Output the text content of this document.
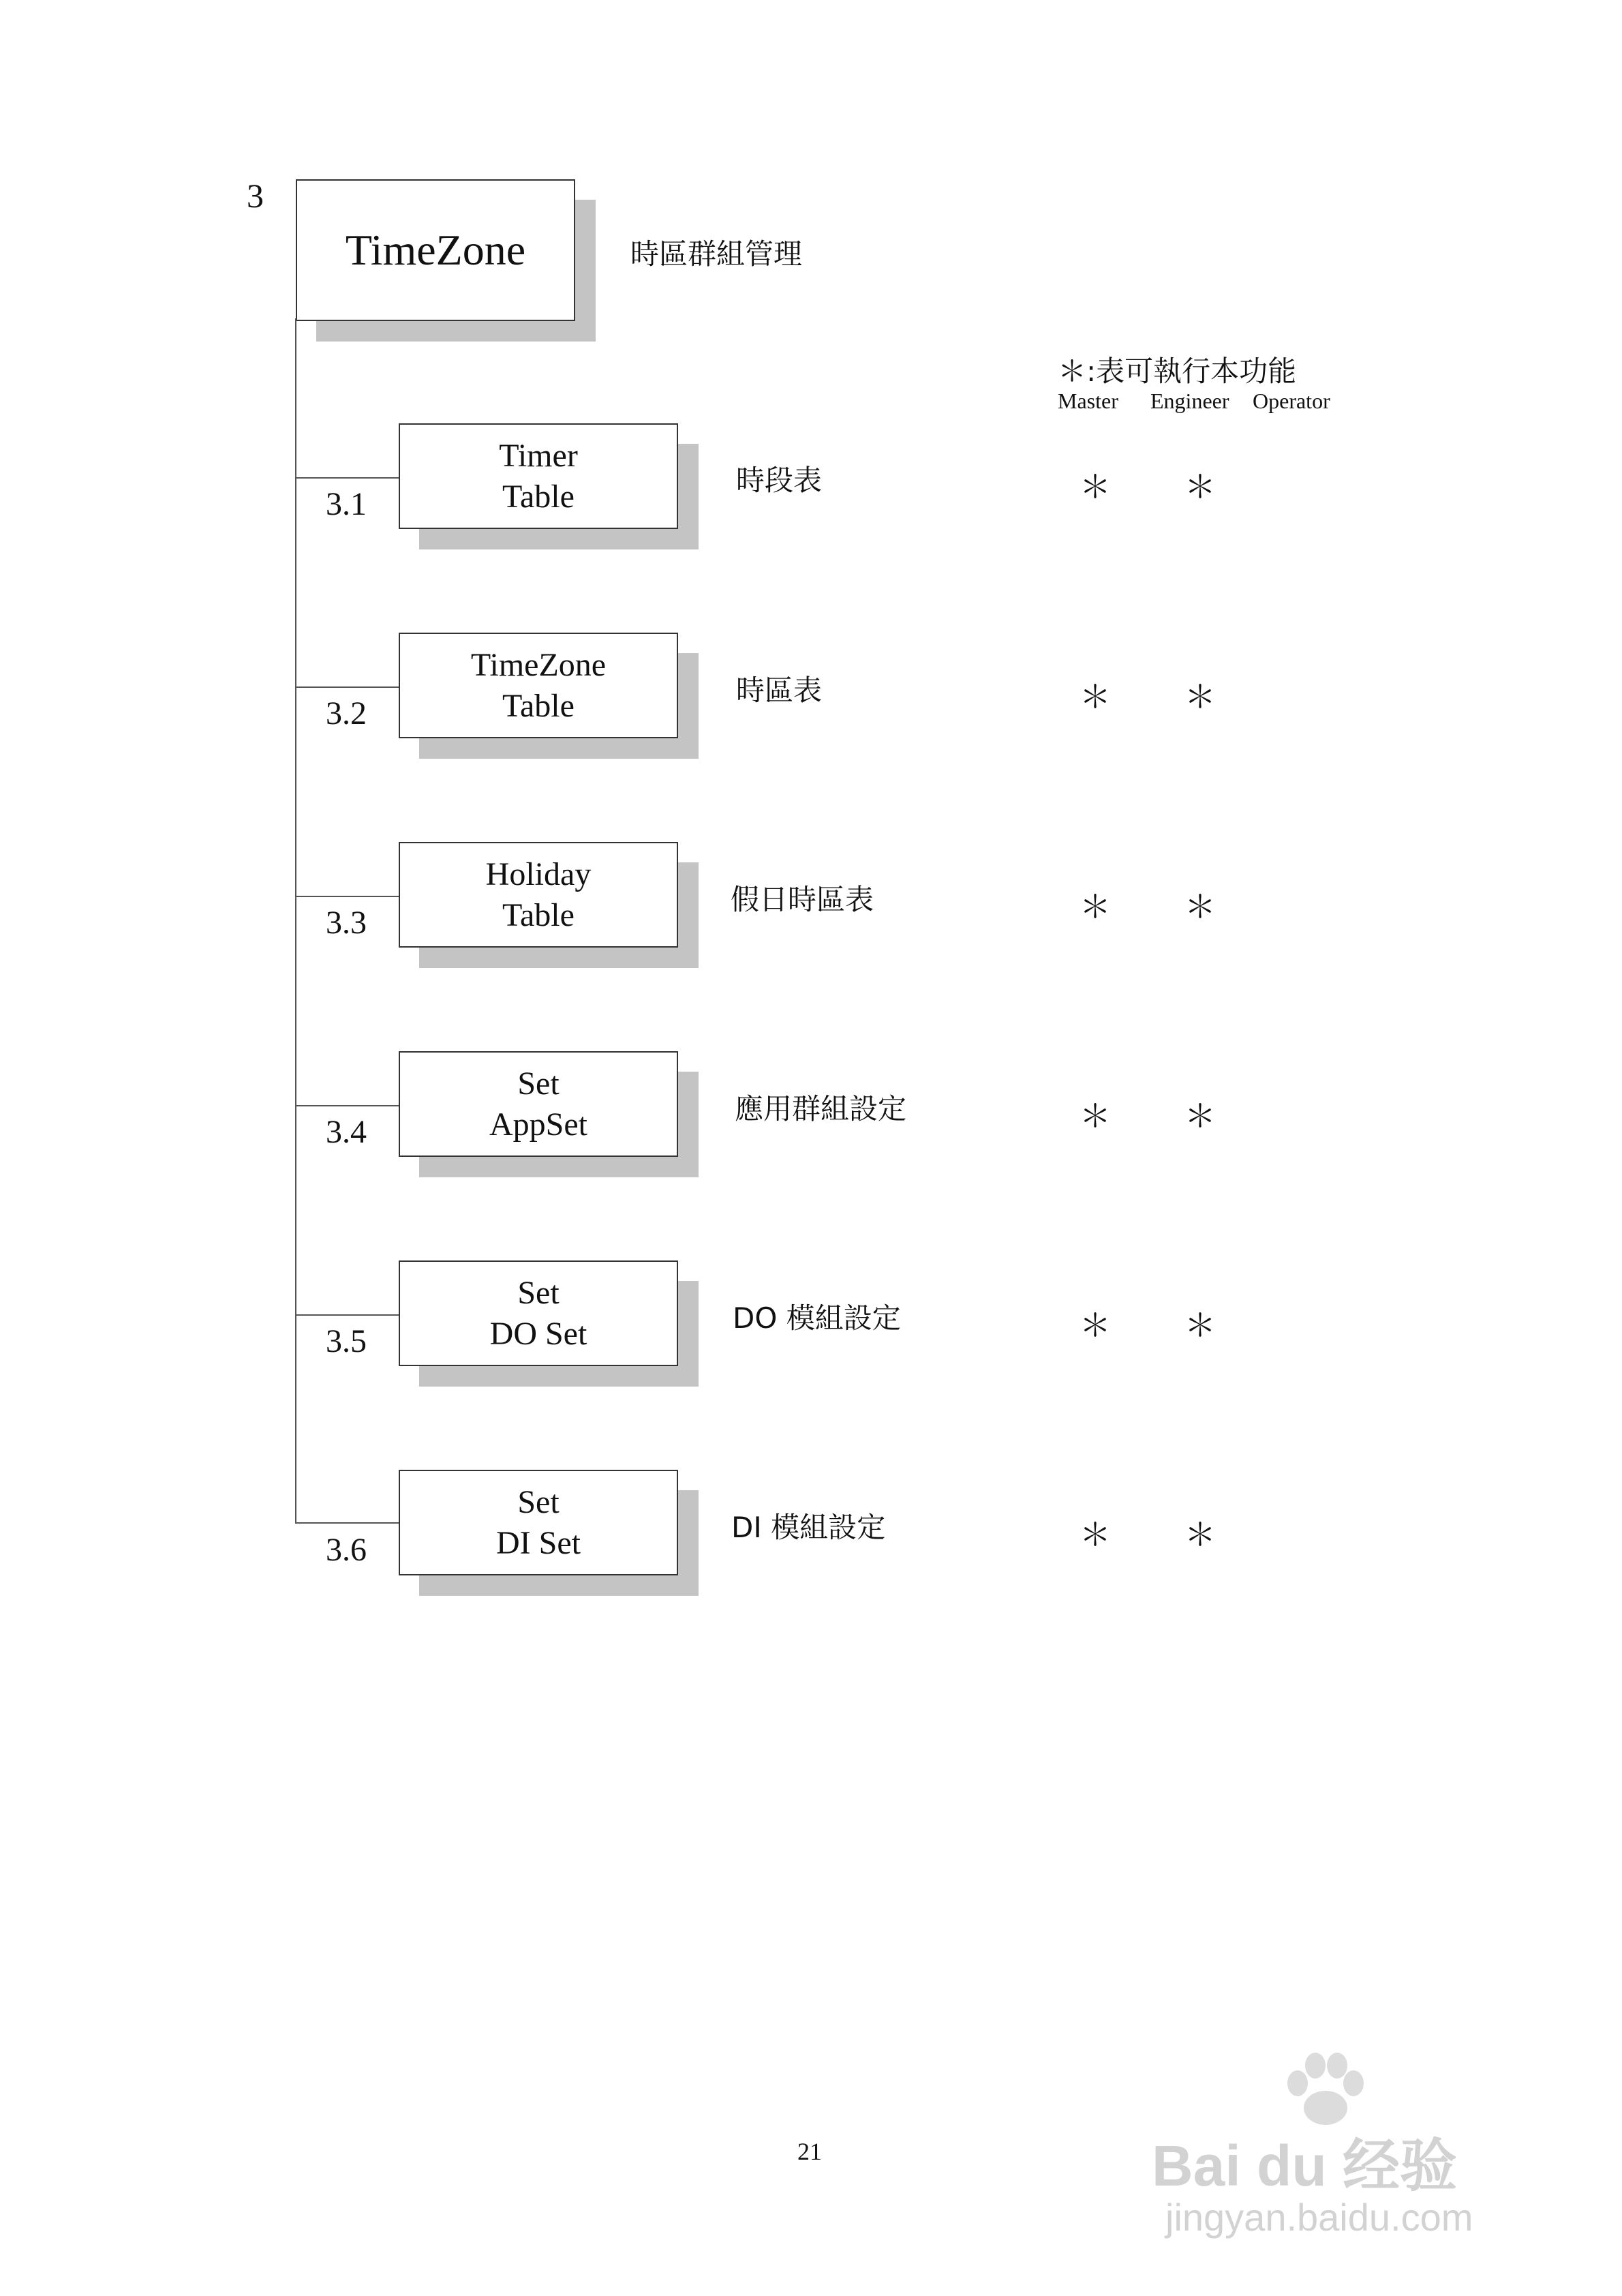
3
TimeZone	時區群組管理
＊:表可執行本功能
Master Engineer Operator
3.1
Timer
Table	時段表	＊ ＊
3.2
TimeZone
Table	時區表	＊ ＊
3.3
Holiday
Table	假日時區表	＊ ＊
3.4
Set
AppSet	應用群組設定	＊ ＊
3.5
Set
DO Set	DO 模組設定	＊ ＊
3.6
Set
DI Set	DI 模組設定	＊ ＊
21	Bai du 经验
jingyan.baidu.com
